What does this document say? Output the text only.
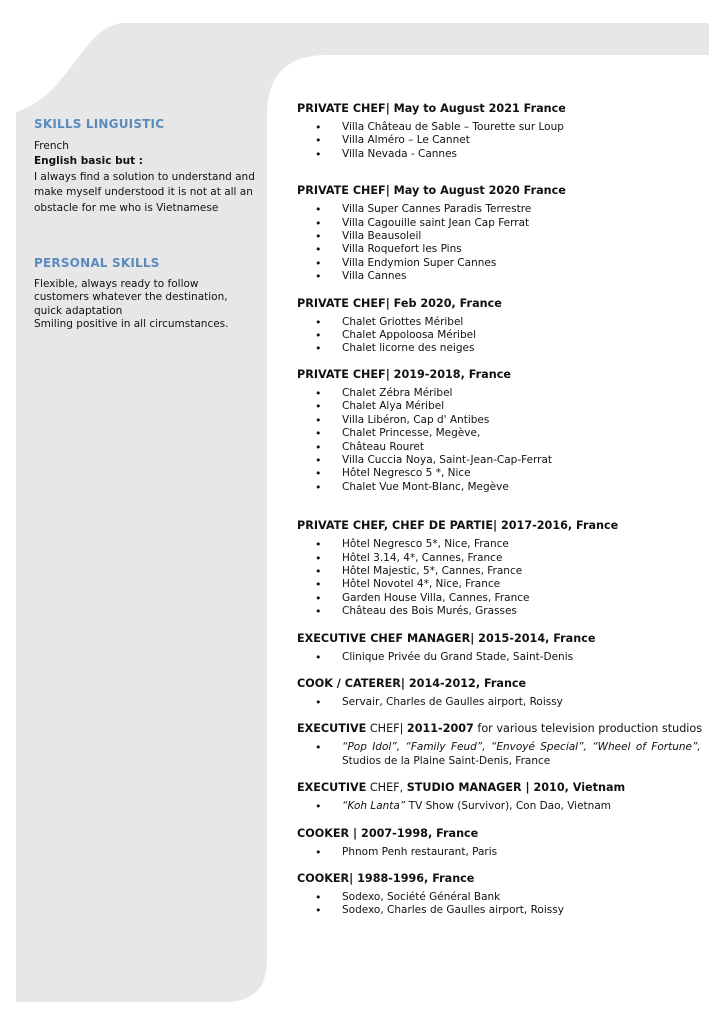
SKILLS LINGUISTIC

French

English basic but :

I always find a solution to understand and make myself understood it is not at all an obstacle for me who is Vietnamese

PERSONAL SKILLS

Flexible, always ready to follow customers whatever the destination, quick adaptation

Smiling positive in all circumstances.

PRIVATE CHEF| May to August 2021 France
• Villa Château de Sable – Tourette sur Loup
• Villa Alméro – Le Cannet
• Villa Nevada - Cannes
PRIVATE CHEF| May to August 2020 France
• Villa Super Cannes Paradis Terrestre
• Villa Cagouille saint Jean Cap Ferrat
• Villa Beausoleil
• Villa Roquefort les Pins
• Villa Endymion Super Cannes
• Villa Cannes
PRIVATE CHEF| Feb 2020, France
• Chalet Griottes Méribel
• Chalet Appoloosa Méribel
• Chalet licorne des neiges
PRIVATE CHEF| 2019-2018, France
• Chalet Zébra Méribel
• Chalet Alya Méribel
• Villa Libéron, Cap d' Antibes
• Chalet Princesse, Megève,
• Château Rouret
• Villa Cuccia Noya, Saint-Jean-Cap-Ferrat
• Hôtel Negresco 5 *, Nice
• Chalet Vue Mont-Blanc, Megève
PRIVATE CHEF, CHEF DE PARTIE| 2017-2016, France
• Hôtel Negresco 5*, Nice, France
• Hôtel 3.14, 4*, Cannes, France
• Hôtel Majestic, 5*, Cannes, France
• Hôtel Novotel 4*, Nice, France
• Garden House Villa, Cannes, France
• Château des Bois Murés, Grasses
EXECUTIVE CHEF MANAGER| 2015-2014, France
• Clinique Privée du Grand Stade, Saint-Denis
COOK / CATERER| 2014-2012, France
• Servair, Charles de Gaulles airport, Roissy
EXECUTIVE CHEF| 2011-2007 for various television production studios
• “Pop Idol”, “Family Feud”, “Envoyé Special”, “Wheel of Fortune”,
Studios de la Plaine Saint-Denis, France
EXECUTIVE CHEF, STUDIO MANAGER | 2010, Vietnam
• “Koh Lanta” TV Show (Survivor), Con Dao, Vietnam
COOKER | 2007-1998, France
• Phnom Penh restaurant, Paris
COOKER| 1988-1996, France
• Sodexo, Société Général Bank
• Sodexo, Charles de Gaulles airport, Roissy
